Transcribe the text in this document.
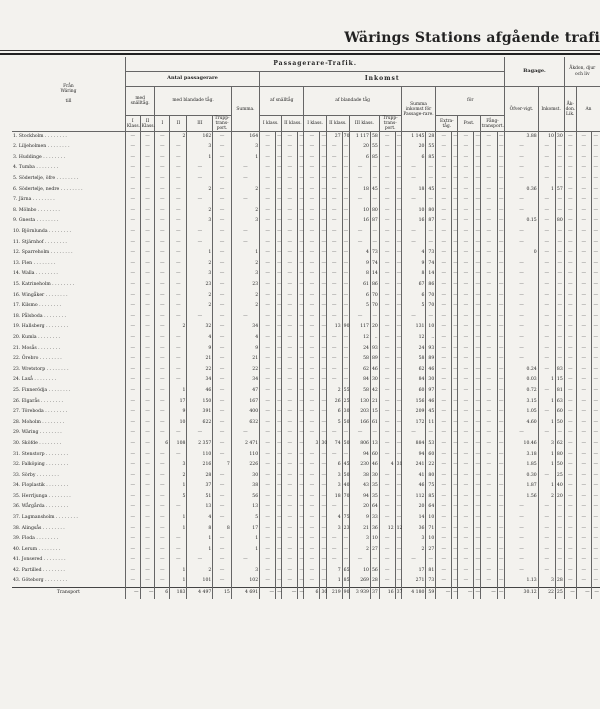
Wärings Stations afgående trafi
Från
Wäring

till	Passagerare-Trafik.																											Bagage.			Åkdon, djur och liv		
	Antal passagerare							Inkomst																									
	med snälltåg.		med blandade tåg.				Summa.	af snälltåg				af blandade tåg								Summa inkomst för Passage-rare.		för						Öfver-vigt.	Inkomst.		Åk-don. Lik.	An	
	I Klass.	II Klass.	I	II	III	Trupp-trans-port.		I klass.		II klass.		I klass.		II klass.		III klass.		Trupp-trans-port.				Extra-tåg.		Post.		Fång-transport.							
1. Stockholm . . . . . . . .	—	—	—	2	162	—	164	—	—	—	—	—	—	27	70	1 117	58	—	—	1 145	28	—	—	—	—	—	—	3.88	10	30	—	—	—
2. Liljeholmen . . . . . . . .	—	—	—	—	3	—	3	—	—	—	—	—	—	—	—	20	55	—	—	20	55	—	—	—	—	—	—	—	—	—	—	—	—
3. Huddinge . . . . . . . .	—	—	—	—	1	—	1	—	—	—	—	—	—	—	—	6	85	—	—	6	85	—	—	—	—	—	—	—	—	—	—	—	—
4. Tumba . . . . . . . .	—	—	—	—	—	—	—	—	—	—	—	—	—	—	—	—	—	—	—	—	—	—	—	—	—	—	—	—	—	—	—	—	—
5. Södertelje, öfre . . . . . . . .	—	—	—	—	—	—	—	—	—	—	—	—	—	—	—	—	—	—	—	—	—	—	—	—	—	—	—	—	—	—	—	—	—
6. Södertelje, nedre . . . . . . . .	—	—	—	—	2	—	2	—	—	—	—	—	—	—	—	18	45	—	—	18	45	—	—	—	—	—	—	0.36	1	57	—	—	—
7. Järna . . . . . . . .	—	—	—	—	—	—	—	—	—	—	—	—	—	—	—	—	—	—	—	—	—	—	—	—	—	—	—	—	—	—	—	—	—
8. Mölnbo . . . . . . . .	—	—	—	—	2	—	2	—	—	—	—	—	—	—	—	10	80	—	—	10	80	—	—	—	—	—	—	—	—	—	—	—	—
9. Gnesta . . . . . . . .	—	—	—	—	3	—	3	—	—	—	—	—	—	—	—	16	87	—	—	16	87	—	—	—	—	—	—	0.15	—	80	—	—	—
10. Björnlunda . . . . . . . .	—	—	—	—	—	—	—	—	—	—	—	—	—	—	—	—	—	—	—	—	—	—	—	—	—	—	—	—	—	—	—	—	—
11. Stjärnhof . . . . . . . .	—	—	—	—	—	—	—	—	—	—	—	—	—	—	—	—	—	—	—	—	—	—	—	—	—	—	—	—	—	—	—	—	—
12. Sparreholm . . . . . . . .	—	—	—	—	1	—	1	—	—	—	—	—	—	—	—	4	73	—	—	4	73	—	—	—	—	—	—	0	—	—	—	—	—
13. Flen . . . . . . . .	—	—	—	—	2	—	2	—	—	—	—	—	—	—	—	9	74	—	—	9	74	—	—	—	—	—	—	—	—	—	—	—	—
14. Walla . . . . . . . .	—	—	—	—	3	—	3	—	—	—	—	—	—	—	—	8	14	—	—	8	14	—	—	—	—	—	—	—	—	—	—	—	—
15. Katrineholm . . . . . . . .	—	—	—	—	23	—	23	—	—	—	—	—	—	—	—	61	86	—	—	67	86	—	—	—	—	—	—	—	—	—	—	—	—
16. Wingåker . . . . . . . .	—	—	—	—	2	—	2	—	—	—	—	—	—	—	—	6	70	—	—	6	70	—	—	—	—	—	—	—	—	—	—	—	—
17. Kilsmo . . . . . . . .	—	—	—	—	2	—	2	—	—	—	—	—	—	—	—	5	70	—	—	5	70	—	—	—	—	—	—	—	—	—	—	—	—
18. Pålsboda . . . . . . . .	—	—	—	—	—	—	—	—	—	—	—	—	—	—	—	—	—	—	—	—	—	—	—	—	—	—	—	—	—	—	—	—	—
19. Hallsberg . . . . . . . .	—	—	—	2	32	—	34	—	—	—	—	—	—	13	90	117	20	—	—	131	10	—	—	—	—	—	—	—	—	—	—	—	—
20. Kumla . . . . . . . .	—	—	—	—	4	—	4	—	—	—	—	—	—	—	—	12	..	—	—	12	..	—	—	—	—	—	—	—	—	—	—	—	—
21. Mosås . . . . . . . .	—	—	—	—	9	—	9	—	—	—	—	—	—	—	—	24	93	—	—	24	93	—	—	—	—	—	—	—	—	—	—	—	—
22. Örebro . . . . . . . .	—	—	—	—	21	—	21	—	—	—	—	—	—	—	—	58	89	—	—	58	89	—	—	—	—	—	—	—	—	—	—	—	—
23. Wretstorp . . . . . . . .	—	—	—	—	22	—	22	—	—	—	—	—	—	—	—	62	46	—	—	62	46	—	—	—	—	—	—	0.24	—	83	—	—	—
24. Laxå . . . . . . . .	—	—	—	—	34	—	34	—	—	—	—	—	—	—	—	84	30	—	—	84	30	—	—	—	—	—	—	0.03	1	15	—	—	—
25. Finnerödja . . . . . . . .	—	—	—	1	46	—	47	—	—	—	—	—	—	2	55	58	42	—	—	60	97	—	—	—	—	—	—	0.72	—	81	—	—	—
26. Elgarås . . . . . . . .	—	—	—	17	150	—	167	—	—	—	—	—	—	26	25	130	21	—	—	156	46	—	—	—	—	—	—	3.15	1	63	—	—	—
27. Töreboda . . . . . . . .	—	—	—	9	391	—	400	—	—	—	—	—	—	6	30	203	15	—	—	209	45	—	—	—	—	—	—	1.05	—	60	—	—	—
28. Moholm . . . . . . . .	—	—	—	10	622	—	632	—	—	—	—	—	—	5	50	166	61	—	—	172	11	—	—	—	—	—	—	4.60	1	50	—	—	—
29. Wäring . . . . . . . .	—	—	—	—	—	—	—	—	—	—	—	—	—	—	—	—	—	—	—	—	—	—	—	—	—	—	—	—	—	—	—	—	—
30. Sköfde . . . . . . . .	—	—	6	108	2 357	—	2 471	—	—	—	—	3	30	74	50	806	13	—	—	884	53	—	—	—	—	—	—	10.46	3	62	—	—	—
31. Stenstorp . . . . . . . .	—	—	—	—	110	—	110	—	—	—	—	—	—	—	—	94	60	—	—	94	60	—	—	—	—	—	—	3.18	1	80	—	—	—
32. Falköping . . . . . . . .	—	—	—	3	216	7	226	—	—	—	—	—	—	6	45	230	46	4	31	241	22	—	—	—	—	—	—	1.85	1	50	—	—	—
33. Sörby . . . . . . . .	—	—	—	2	28	—	30	—	—	—	—	—	—	3	50	38	30	—	—	41	80	—	—	—	—	—	—	0.30	—	25	—	—	—
34. Floplastik . . . . . . . .	—	—	—	1	37	—	38	—	—	—	—	—	—	3	40	43	35	—	—	46	75	—	—	—	—	—	—	1.87	1	40	—	—	—
35. Herrljunga . . . . . . . .	—	—	—	5	51	—	56	—	—	—	—	—	—	18	70	94	35	—	—	112	85	—	—	—	—	—	—	1.56	2	20	—	—	—
36. Wårgårda . . . . . . . .	—	—	—	—	13	—	13	—	—	—	—	—	—	—	—	20	64	—	—	20	64	—	—	—	—	—	—	—	—	—	—	—	—
37. Lagmansholm . . . . . . . .	—	—	—	1	4	—	5	—	—	—	—	—	—	4	75	9	33	—	—	14	10	—	—	—	—	—	—	—	—	—	—	—	—
38. Alingsås . . . . . . . .	—	—	—	1	8	8	17	—	—	—	—	—	—	3	23	21	36	12	12	36	71	—	—	—	—	—	—	—	—	—	—	—	—
39. Floda . . . . . . . .	—	—	—	—	1	—	1	—	—	—	—	—	—	—	—	3	10	—	—	3	10	—	—	—	—	—	—	—	—	—	—	—	—
40. Lerum . . . . . . . .	—	—	—	—	1	—	1	—	—	—	—	—	—	—	—	2	27	—	—	2	27	—	—	—	—	—	—	—	—	—	—	—	—
41. Jonsered . . . . . . . .	—	—	—	—	—	—	—	—	—	—	—	—	—	—	—	—	—	—	—	—	—	—	—	—	—	—	—	—	—	—	—	—	—
42. Partilled . . . . . . . .	—	—	—	1	2	—	3	—	—	—	—	—	—	7	65	10	56	—	—	17	81	—	—	—	—	—	—	—	—	—	—	—	—
43. Göteborg . . . . . . . .	—	—	—	1	101	—	102	—	—	—	—	—	—	1	85	269	28	—	—	271	73	—	—	—	—	—	—	1.13	3	28	—	—	—
Transport	—	—	6	183	4 497	15	4 691	—	—	—	—	6	30	219	90	3 939	37	16	37	4 180	59	—	—	—	—	—	—	30.12	22	25	—	—	—
